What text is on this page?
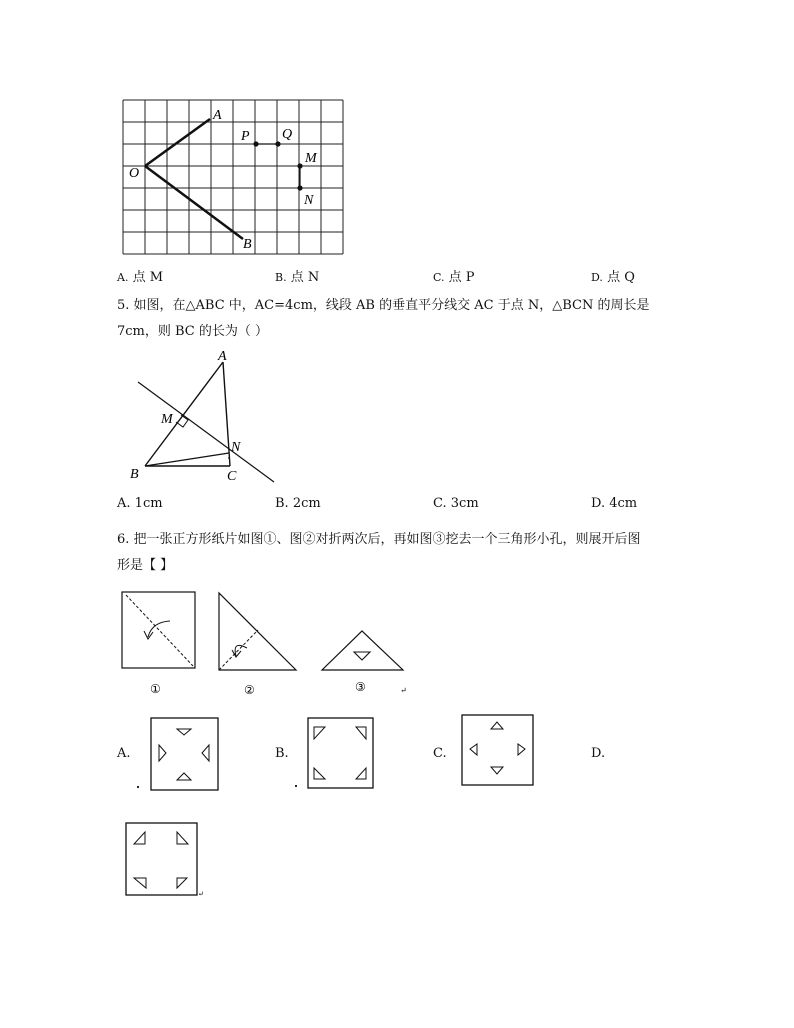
A
O
B
P Q
M
N
A. 点 M	B. 点 N	C. 点 P	D. 点 Q
5. 如图，在△ABC 中，AC=4cm，线段 AB 的垂直平分线交 AC 于点 N，△BCN 的周长是
7cm，则 BC 的长为（ ）
A
M
N
B	C
A. 1cm	B. 2cm	C. 3cm	D. 4cm
6. 把一张正方形纸片如图①、图②对折两次后，再如图③挖去一个三角形小孔，则展开后图
形是【 】
①	②	③	↵
↵
A.	B.	C.	D.
